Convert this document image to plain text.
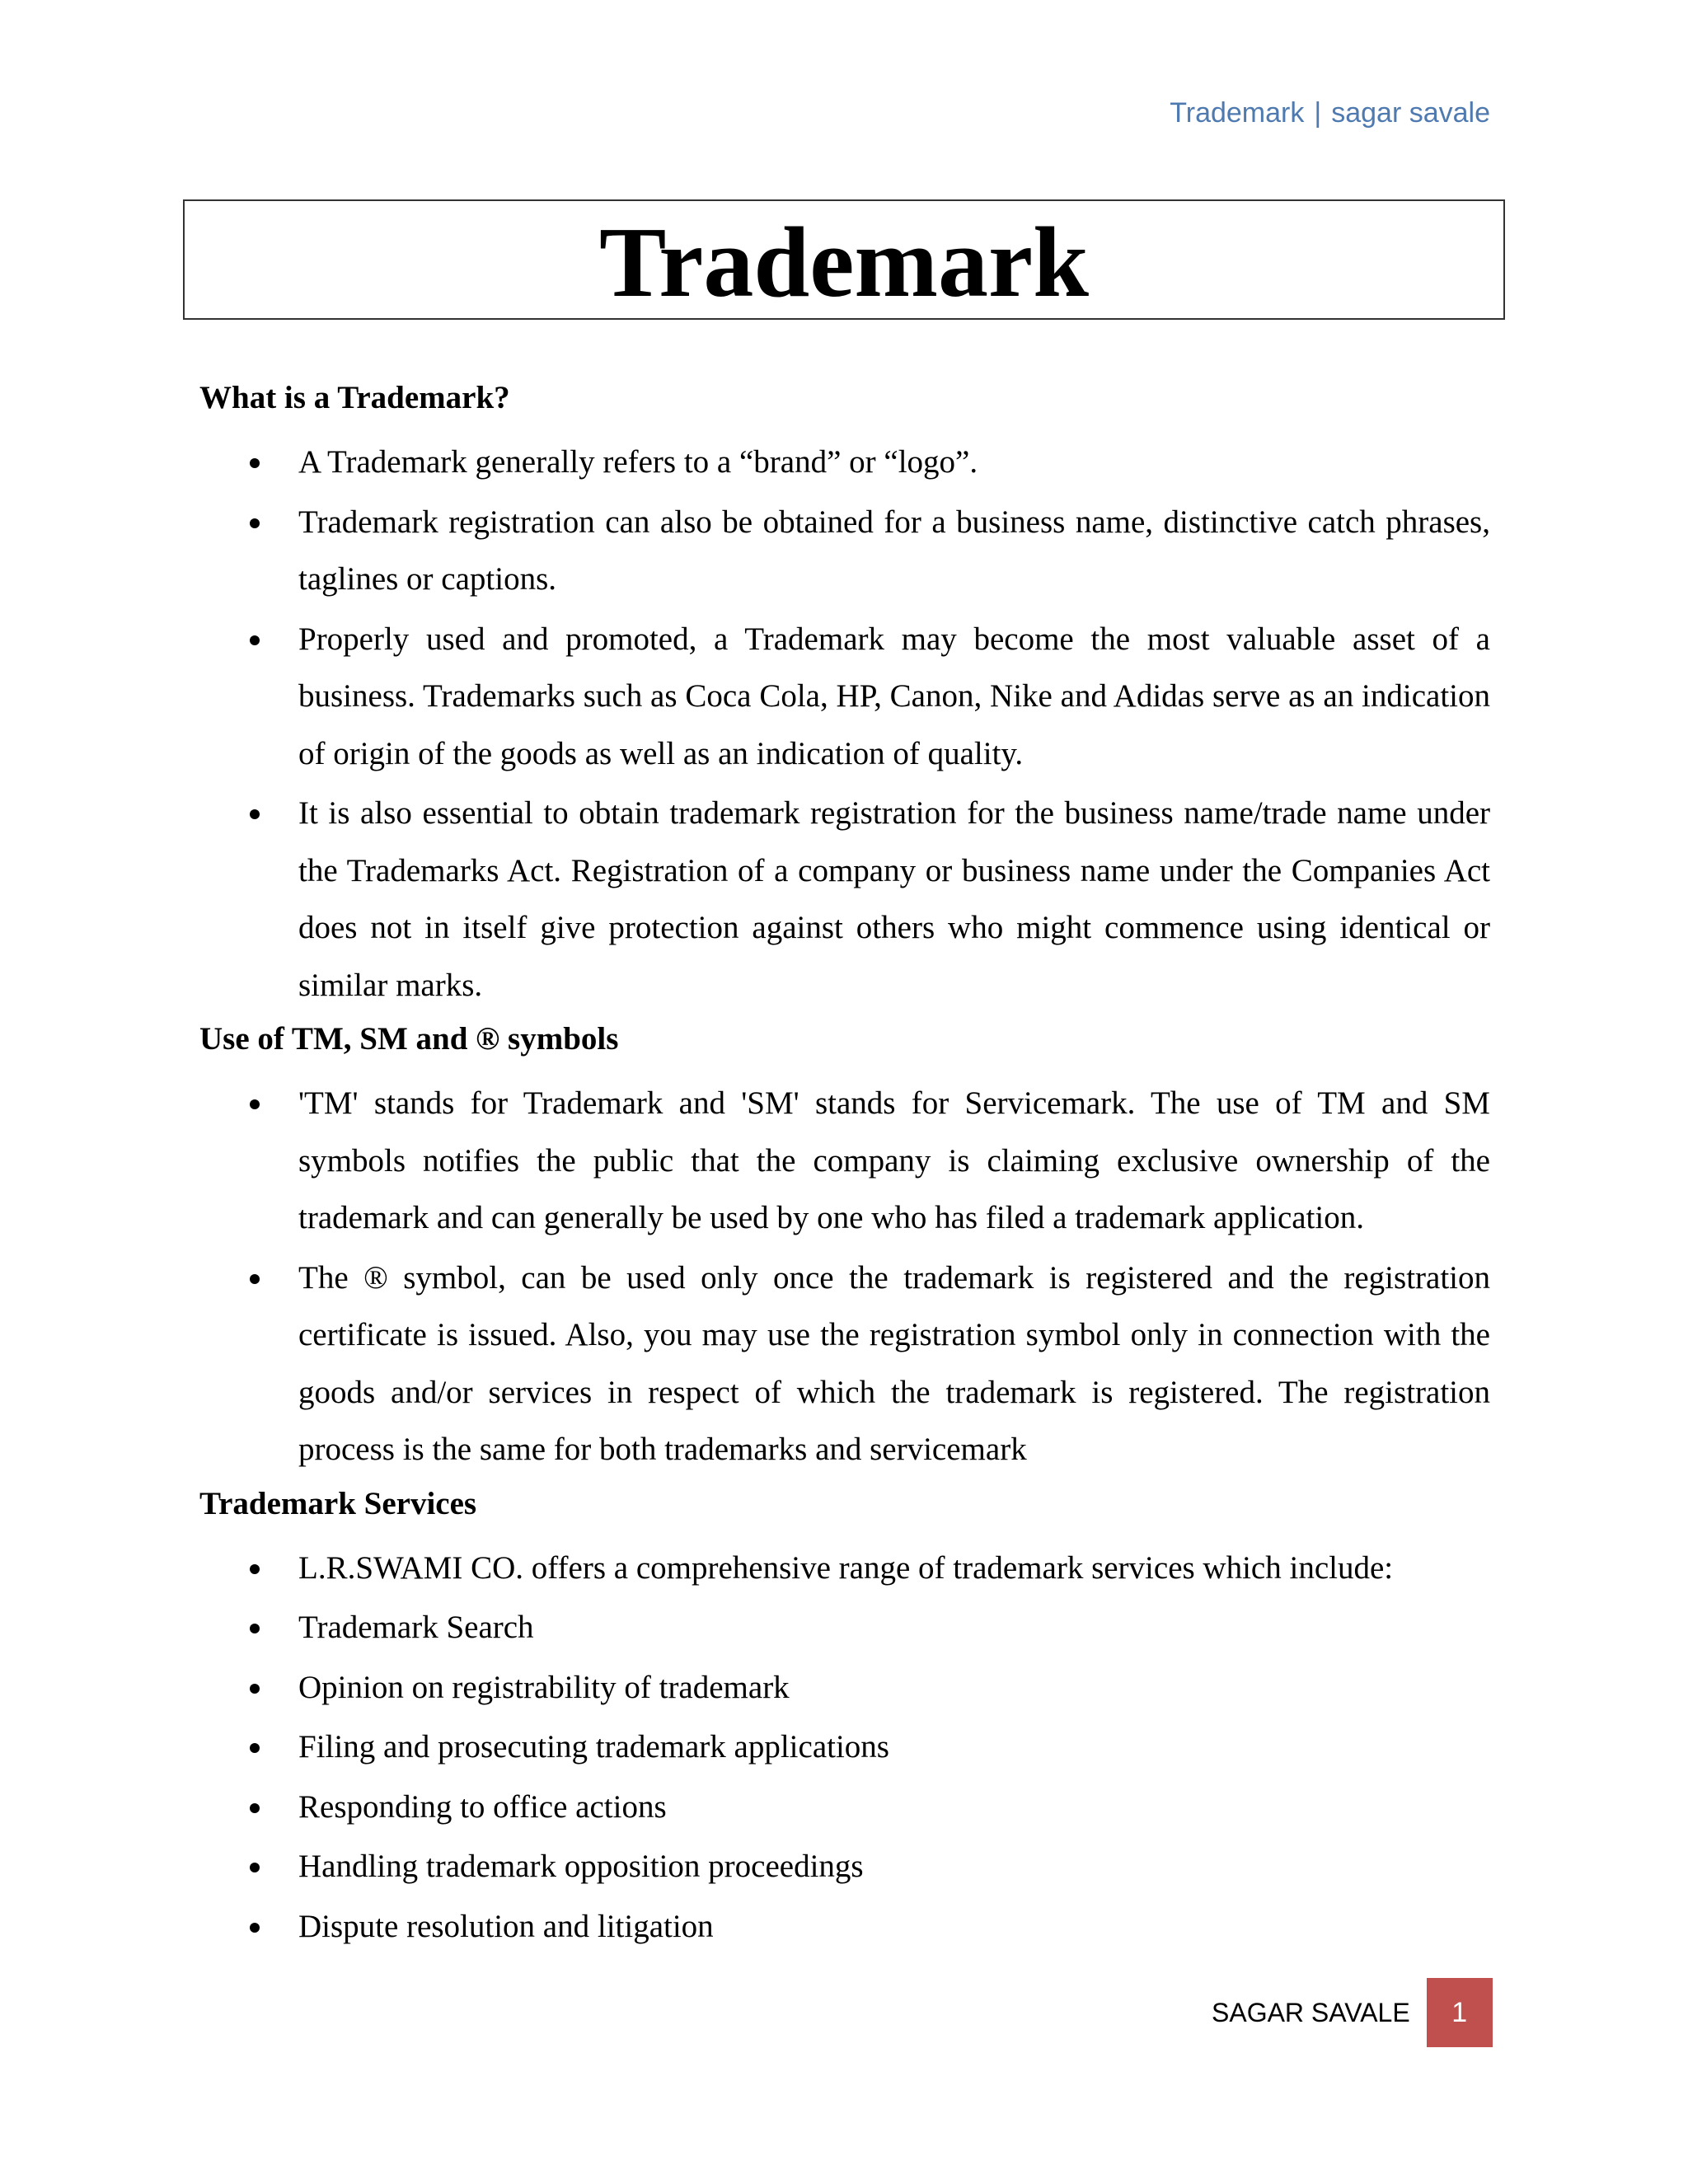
Trademark | sagar savale
Trademark
What is a Trademark?
A Trademark generally refers to a “brand” or “logo”.
Trademark registration can also be obtained for a business name, distinctive catch phrases, taglines or captions.
Properly used and promoted, a Trademark may become the most valuable asset of a business. Trademarks such as Coca Cola, HP, Canon, Nike and Adidas serve as an indication of origin of the goods as well as an indication of quality.
It is also essential to obtain trademark registration for the business name/trade name under the Trademarks Act. Registration of a company or business name under the Companies Act does not in itself give protection against others who might commence using identical or similar marks.
Use of TM, SM and ® symbols
'TM' stands for Trademark and 'SM' stands for Servicemark. The use of TM and SM symbols notifies the public that the company is claiming exclusive ownership of the trademark and can generally be used by one who has filed a trademark application.
The ® symbol, can be used only once the trademark is registered and the registration certificate is issued. Also, you may use the registration symbol only in connection with the goods and/or services in respect of which the trademark is registered. The registration process is the same for both trademarks and servicemark
Trademark Services
L.R.SWAMI CO. offers a comprehensive range of trademark services which include:
Trademark Search
Opinion on registrability of trademark
Filing and prosecuting trademark applications
Responding to office actions
Handling trademark opposition proceedings
Dispute resolution and litigation
SAGAR SAVALE	1
